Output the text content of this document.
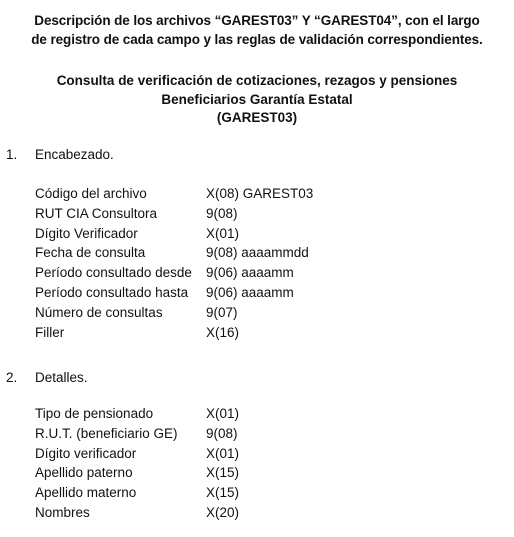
Descripción de los archivos “GAREST03” Y “GAREST04”, con el largo
de registro de cada campo y las reglas de validación correspondientes.
Consulta de verificación de cotizaciones, rezagos y pensiones
Beneficiarios Garantía Estatal
(GAREST03)
1. Encabezado.
Código del archivo	X(08) GAREST03
RUT CIA Consultora	9(08)
Dígito Verificador	X(01)
Fecha de consulta	9(08) aaaammdd
Período consultado desde 9(06) aaaamm
Período consultado hasta 9(06) aaaamm
Número de consultas	9(07)
Filler	X(16)
2. Detalles.
Tipo de pensionado	X(01)
R.U.T. (beneficiario GE) 9(08)
Dígito verificador	X(01)
Apellido paterno	X(15)
Apellido materno	X(15)
Nombres	X(20)
